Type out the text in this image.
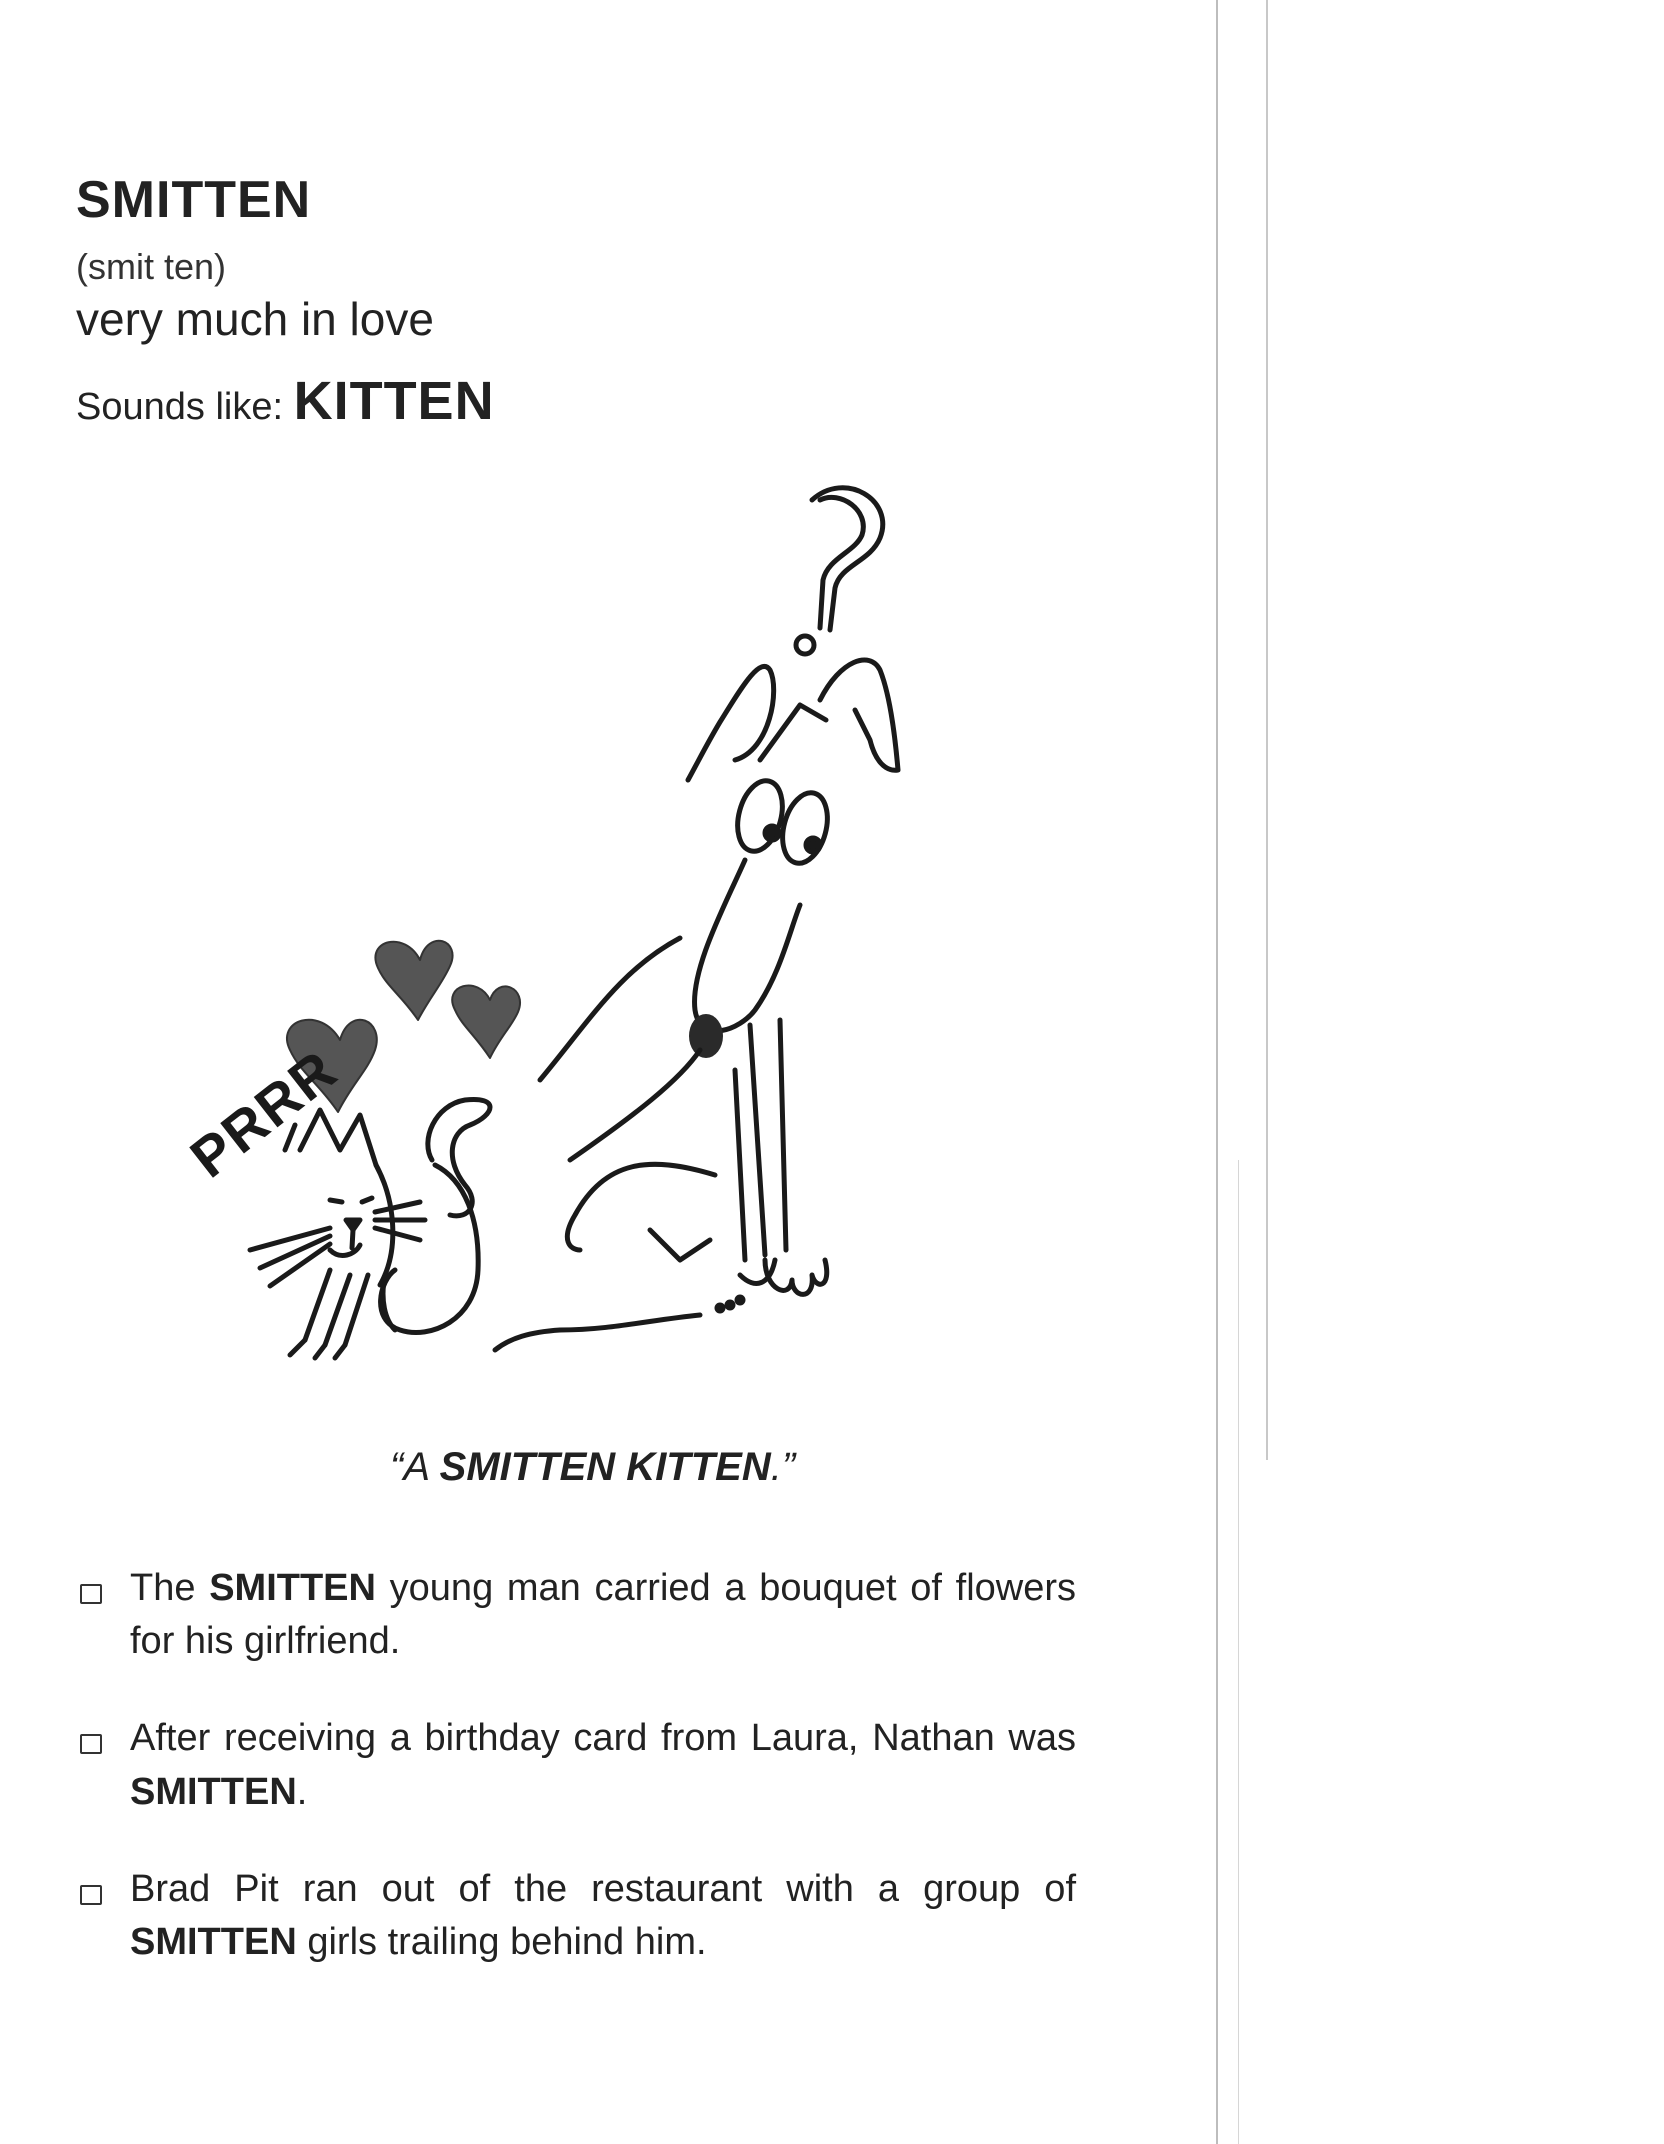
SMITTEN
(smit ten)
very much in love
Sounds like: KITTEN
?
PRRR
“A SMITTEN KITTEN.”
The SMITTEN young man carried a bouquet of flowers for his girlfriend.
After receiving a birthday card from Laura, Nathan was SMITTEN.
Brad Pit ran out of the restaurant with a group of SMITTEN girls trailing behind him.
